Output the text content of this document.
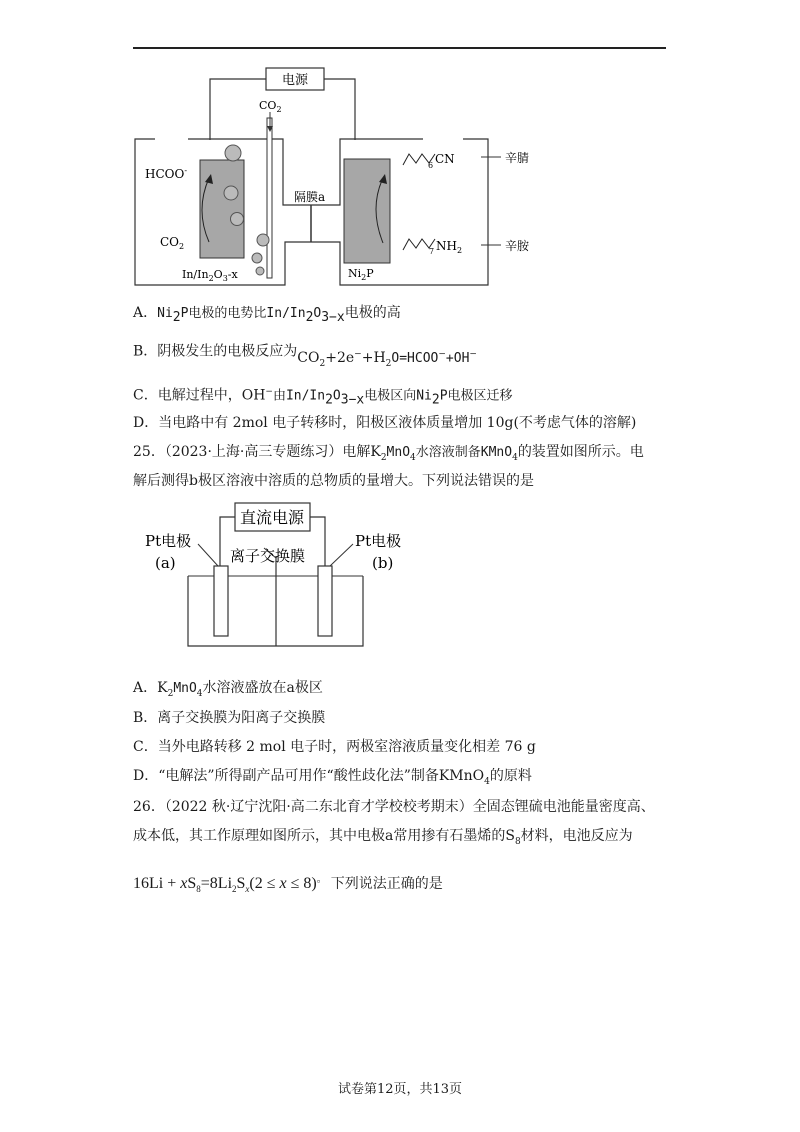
电源
隔膜a
$CO_2$
HCOO-
$CO_2$
$In/In_2O_3-x$	$Ni_2P$
6 CN	辛腈
7 $NH_2$	辛胺
A．$Ni_2P$电极的电势比$In/In_2O_{3-x}$电极的高
B．阴极发生的电极反应为$CO_2+2e^-+H_2O=HCOO^-+OH^-$
C．电解过程中，OH−由$In/In_2O_{3-x}$电极区向$Ni_2P$电极区迁移
D．当电路中有 2mol 电子转移时，阳极区液体质量增加 10g(不考虑气体的溶解)
25．（2023·上海·高三专题练习）电解$K_2MnO_4$水溶液制备KMnO$_4$的装置如图所示。电
解后测得b极区溶液中溶质的总物质的量增大。下列说法错误的是
直流电源
Pt电极	Pt电极
(a)	(b)
离子交换膜
A．$K_2MnO_4$水溶液盛放在a极区
B．离子交换膜为阳离子交换膜
C．当外电路转移 2 mol 电子时，两极室溶液质量变化相差 76 g
D．“电解法”所得副产品可用作“酸性歧化法”制备KMnO$_4$的原料
26．（2022 秋·辽宁沈阳·高二东北育才学校校考期末）全固态锂硫电池能量密度高、
成本低，其工作原理如图所示，其中电极a常用掺有石墨烯的$S_8$材料，电池反应为
$16Li + xS_8=8Li_2S_x(2 \le x \le 8)^。$ 下列说法正确的是
试卷第12页，共13页
